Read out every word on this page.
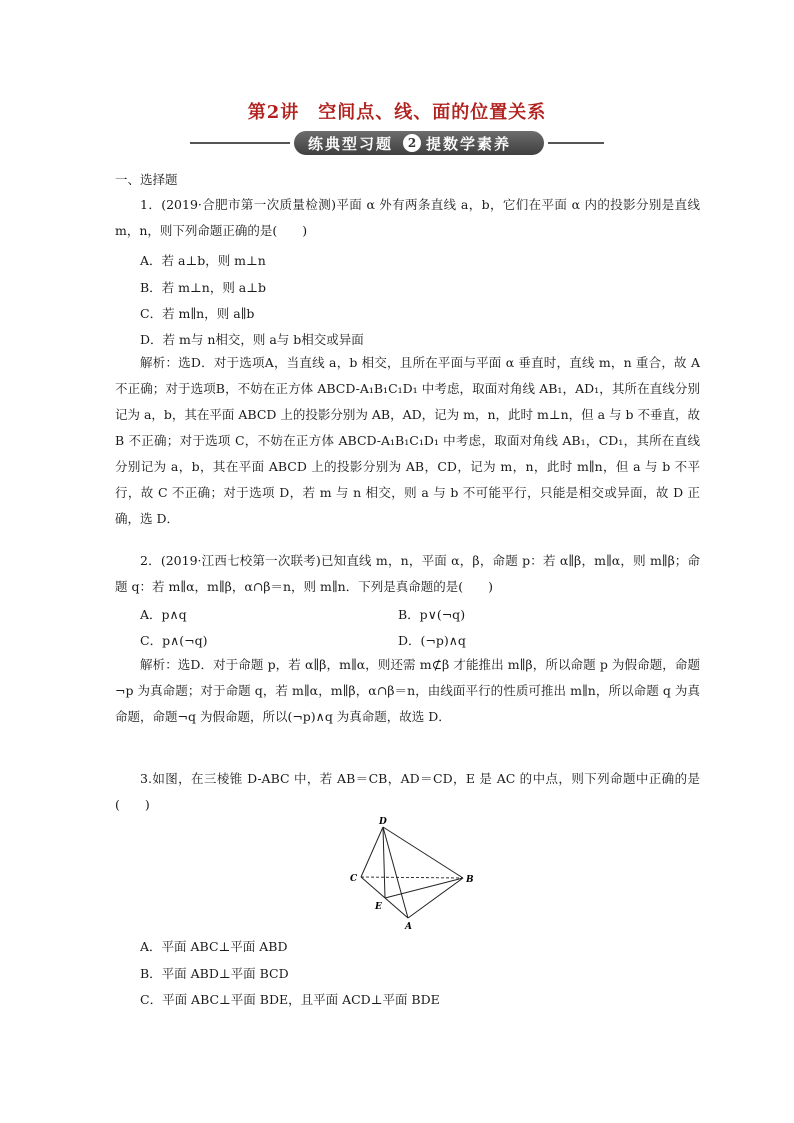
第2讲　空间点、线、面的位置关系
练典型习题	2 提数学素养
一、选择题

1．(2019·合肥市第一次质量检测)平面 α 外有两条直线 a，b，它们在平面 α 内的投影分别是直线 m，n，则下列命题正确的是(　　)

A．若 a⊥b，则 m⊥n
B．若 m⊥n，则 a⊥b
C．若 m∥n，则 a∥b
D．若 m与 n相交，则 a与 b相交或异面

解析：选D．对于选项A，当直线 a，b 相交，且所在平面与平面 α 垂直时，直线 m，n 重合，故 A 不正确；对于选项B，不妨在正方体 ABCD-A₁B₁C₁D₁ 中考虑，取面对角线 AB₁，AD₁，其所在直线分别记为 a，b，其在平面 ABCD 上的投影分别为 AB，AD，记为 m，n，此时 m⊥n，但 a 与 b 不垂直，故 B 不正确；对于选项 C，不妨在正方体 ABCD-A₁B₁C₁D₁ 中考虑，取面对角线 AB₁，CD₁，其所在直线分别记为 a，b，其在平面 ABCD 上的投影分别为 AB，CD，记为 m，n，此时 m∥n，但 a 与 b 不平行，故 C 不正确；对于选项 D，若 m 与 n 相交，则 a 与 b 不可能平行，只能是相交或异面，故 D 正确，选 D．

2．(2019·江西七校第一次联考)已知直线 m，n，平面 α，β，命题 p：若 α∥β，m∥α，则 m∥β；命题 q：若 m∥α，m∥β，α∩β＝n，则 m∥n．下列是真命题的是(　　)

A．p∧q	B．p∨(¬q)
C．p∧(¬q)	D．(¬p)∧q

解析：选D．对于命题 p，若 α∥β，m∥α，则还需 m⊄β 才能推出 m∥β，所以命题 p 为假命题，命题¬p 为真命题；对于命题 q，若 m∥α，m∥β，α∩β＝n，由线面平行的性质可推出 m∥n，所以命题 q 为真命题，命题¬q 为假命题，所以(¬p)∧q 为真命题，故选 D．

3.如图，在三棱锥 D-ABC 中，若 AB＝CB，AD＝CD，E 是 AC 的中点，则下列命题中正确的是(　　)

D
C	B
E
A
A．平面 ABC⊥平面 ABD
B．平面 ABD⊥平面 BCD
C．平面 ABC⊥平面 BDE，且平面 ACD⊥平面 BDE
